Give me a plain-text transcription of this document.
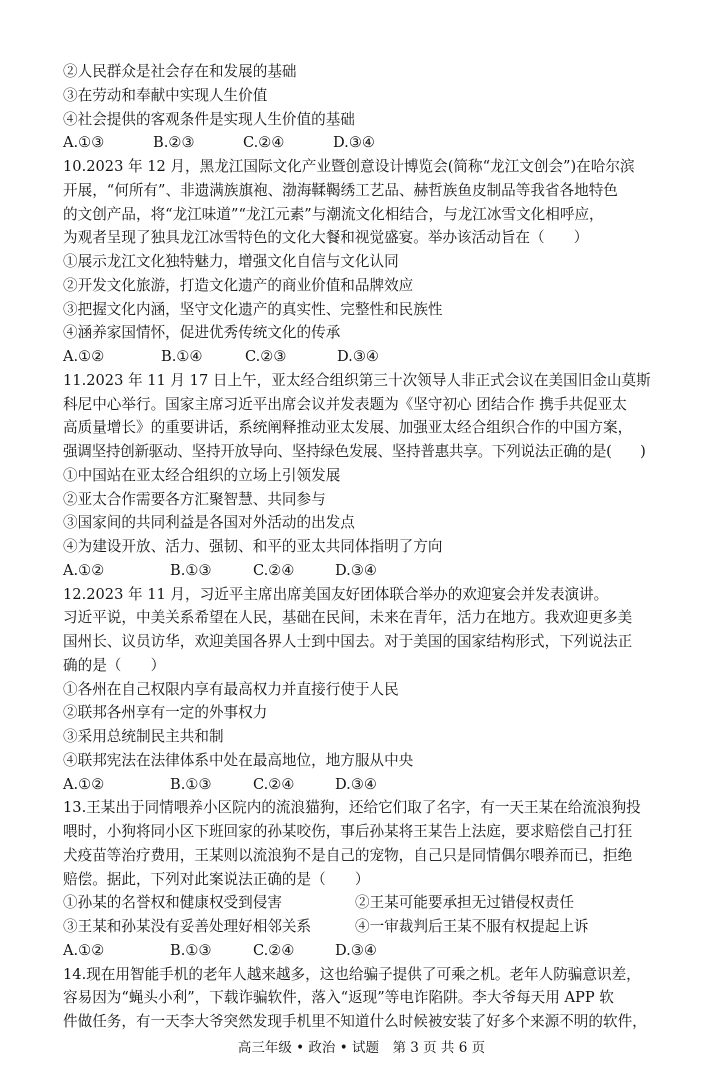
②人民群众是社会存在和发展的基础
③在劳动和奉献中实现人生价值
④社会提供的客观条件是实现人生价值的基础
A.①③	B.②③	C.②④	D.③④
10.2023 年 12 月，黑龙江国际文化产业暨创意设计博览会(简称“龙江文创会”)在哈尔滨
开展，“何所有”、非遗满族旗袍、渤海鞣鞨绣工艺品、赫哲族鱼皮制品等我省各地特色
的文创产品，将“龙江味道”“龙江元素”与潮流文化相结合，与龙江冰雪文化相呼应，
为观者呈现了独具龙江冰雪特色的文化大餐和视觉盛宴。举办该活动旨在（　　）
①展示龙江文化独特魅力，增强文化自信与文化认同
②开发文化旅游，打造文化遗产的商业价值和品牌效应
③把握文化内涵，坚守文化遗产的真实性、完整性和民族性
④涵养家国情怀，促进优秀传统文化的传承
A.①②	B.①④	C.②③	D.③④
11.2023 年 11 月 17 日上午，亚太经合组织第三十次领导人非正式会议在美国旧金山莫斯
科尼中心举行。国家主席习近平出席会议并发表题为《坚守初心 团结合作 携手共促亚太
高质量增长》的重要讲话，系统阐释推动亚太发展、加强亚太经合组织合作的中国方案，
强调坚持创新驱动、坚持开放导向、坚持绿色发展、坚持普惠共享。下列说法正确的是(　　)
①中国站在亚太经合组织的立场上引领发展
②亚太合作需要各方汇聚智慧、共同参与
③国家间的共同利益是各国对外活动的出发点
④为建设开放、活力、强韧、和平的亚太共同体指明了方向
A.①②	B.①③	C.②④	D.③④
12.2023 年 11 月，习近平主席出席美国友好团体联合举办的欢迎宴会并发表演讲。
习近平说，中美关系希望在人民，基础在民间，未来在青年，活力在地方。我欢迎更多美
国州长、议员访华，欢迎美国各界人士到中国去。对于美国的国家结构形式，下列说法正
确的是（　　）
①各州在自己权限内享有最高权力并直接行使于人民
②联邦各州享有一定的外事权力
③采用总统制民主共和制
④联邦宪法在法律体系中处在最高地位，地方服从中央
A.①②	B.①③	C.②④	D.③④
13.王某出于同情喂养小区院内的流浪猫狗，还给它们取了名字，有一天王某在给流浪狗投
喂时，小狗将同小区下班回家的孙某咬伤，事后孙某将王某告上法庭，要求赔偿自己打狂
犬疫苗等治疗费用，王某则以流浪狗不是自己的宠物，自己只是同情偶尔喂养而已，拒绝
赔偿。据此，下列对此案说法正确的是（　　）
①孙某的名誉权和健康权受到侵害	②王某可能要承担无过错侵权责任
③王某和孙某没有妥善处理好相邻关系	④一审裁判后王某不服有权提起上诉
A.①②	B.①③	C.②④	D.③④
14.现在用智能手机的老年人越来越多，这也给骗子提供了可乘之机。老年人防骗意识差，
容易因为“蝇头小利”，下载诈骗软件，落入“返现”等电诈陷阱。李大爷每天用 APP 软
件做任务，有一天李大爷突然发现手机里不知道什么时候被安装了好多个来源不明的软件，
高三年级 • 政治 • 试题　第 3 页 共 6 页
